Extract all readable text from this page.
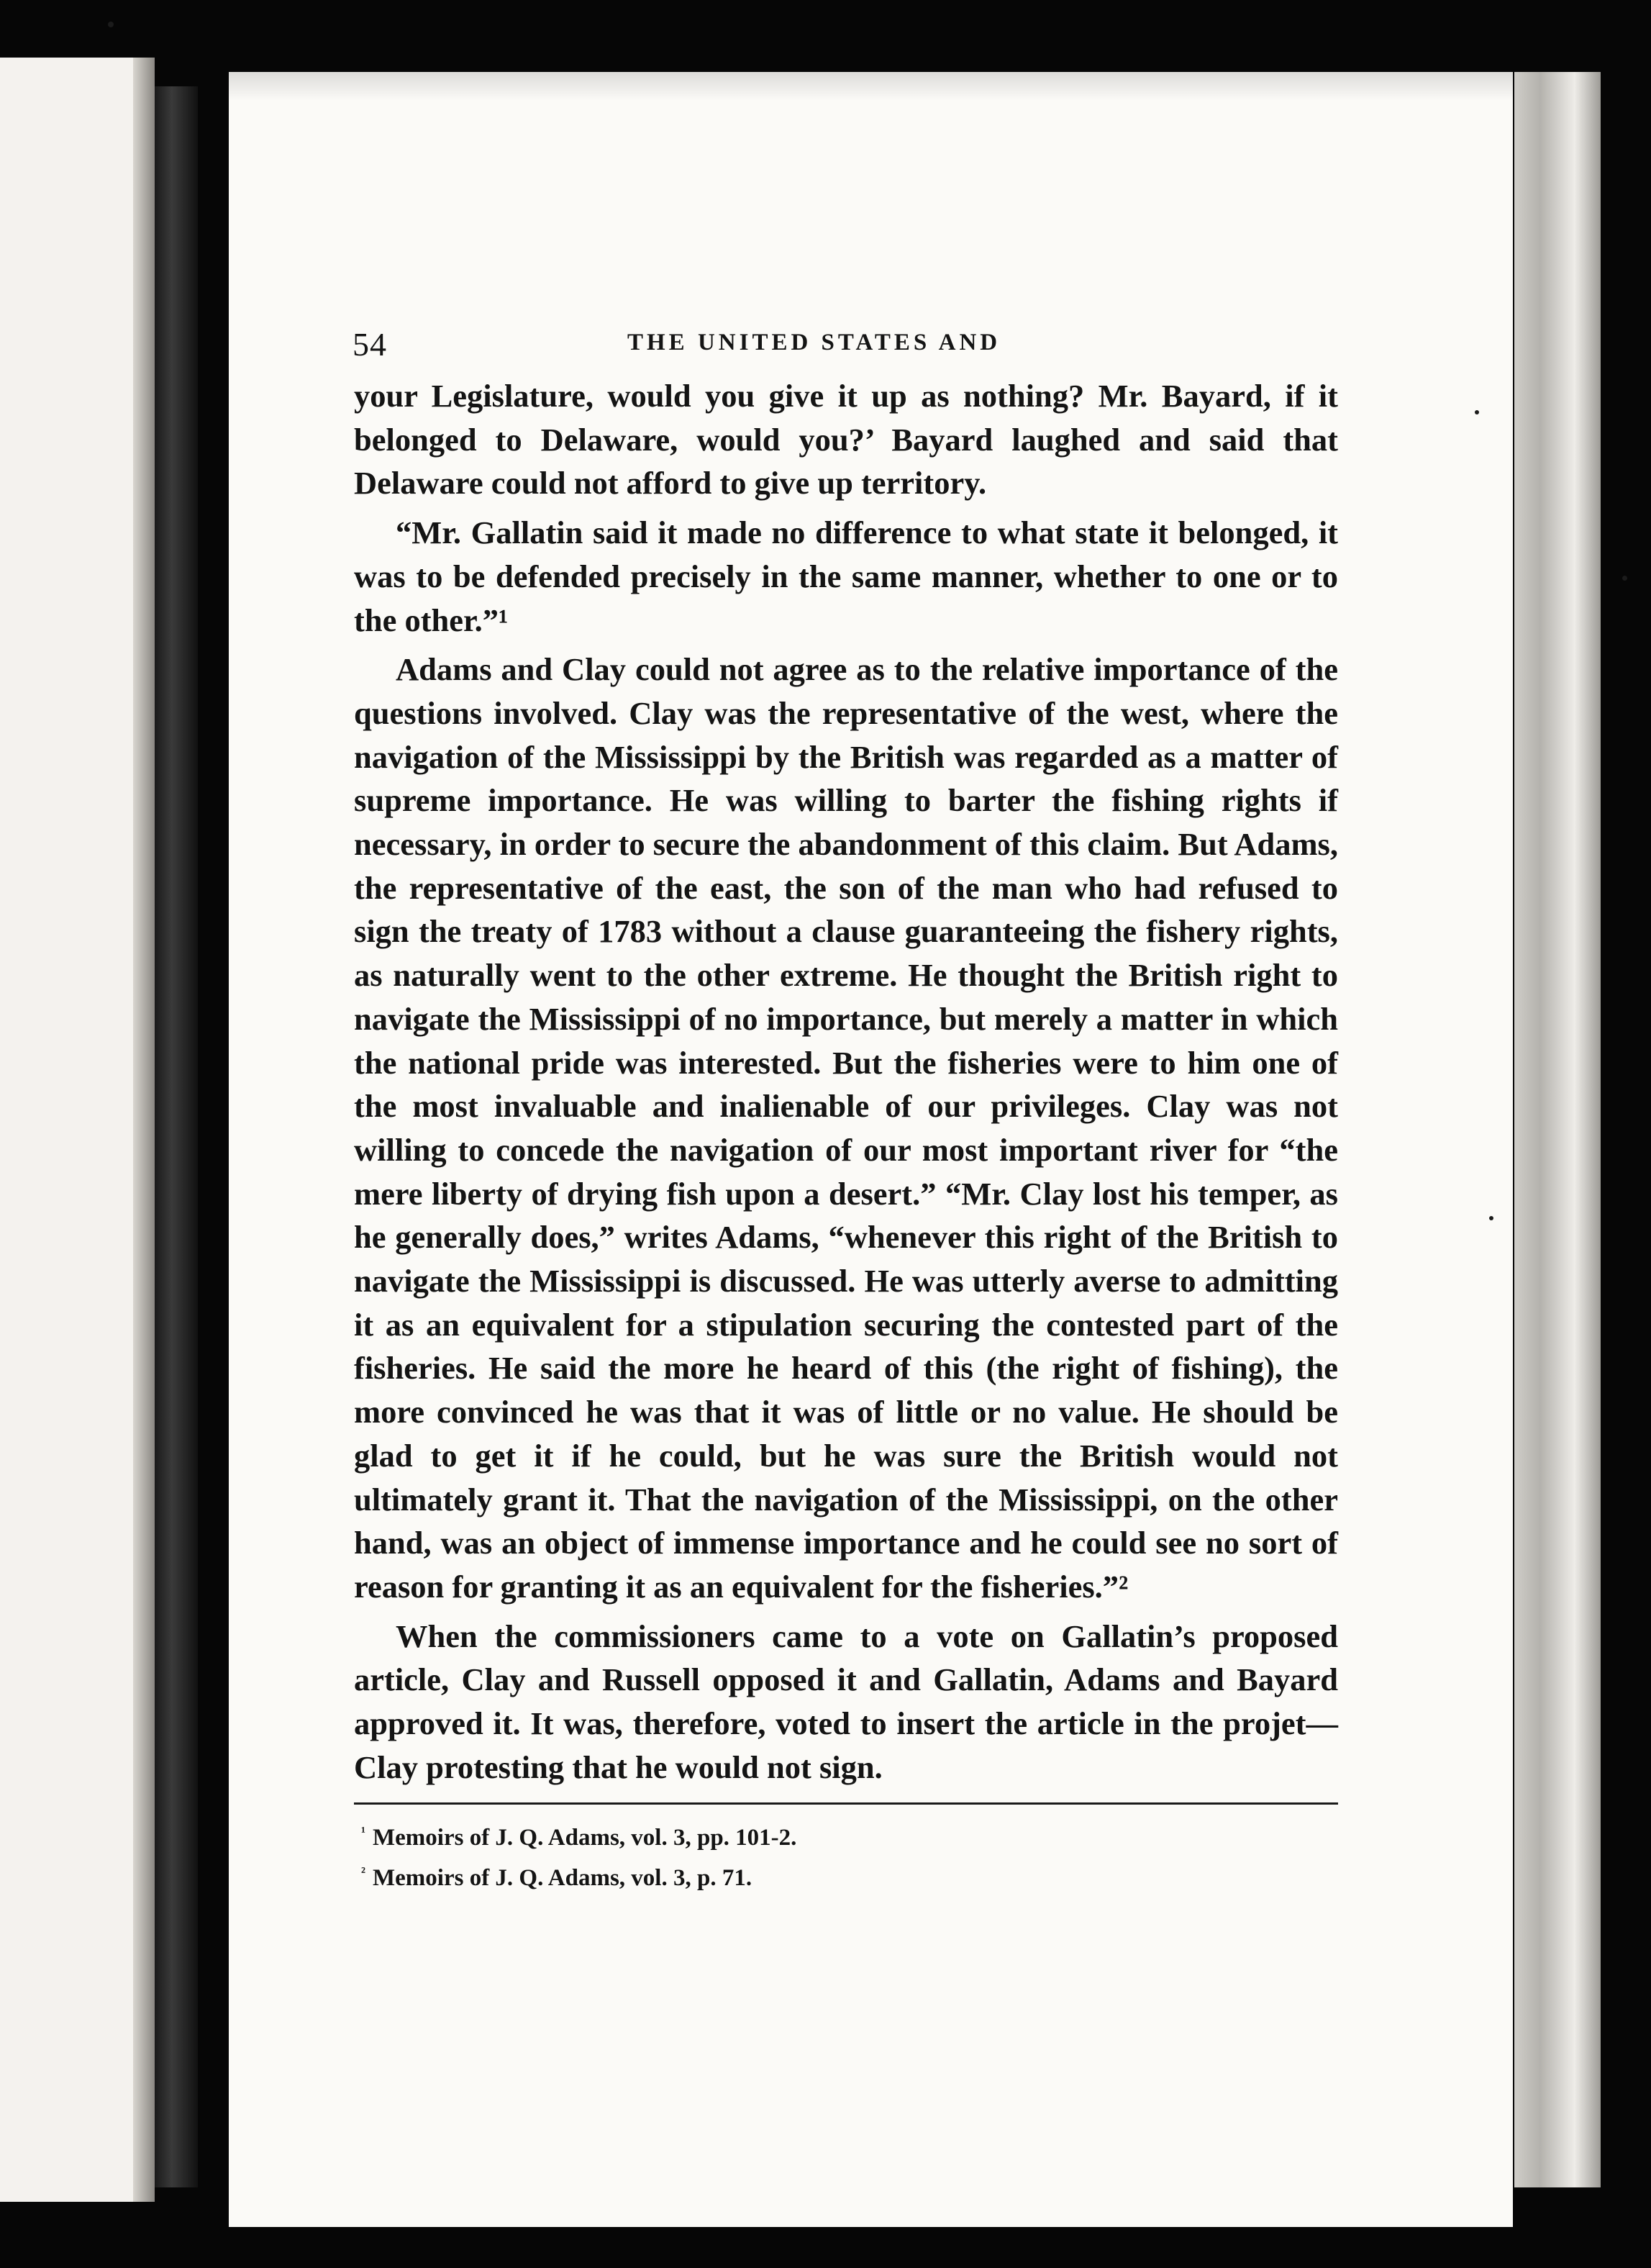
54	THE UNITED STATES AND

your Legislature, would you give it up as nothing? Mr. Bayard, if it belonged to Delaware, would you?’ Bayard laughed and said that Delaware could not afford to give up territory.

“Mr. Gallatin said it made no difference to what state it belonged, it was to be defended precisely in the same manner, whether to one or to the other.”¹

Adams and Clay could not agree as to the relative importance of the questions involved. Clay was the representative of the west, where the navigation of the Mississippi by the British was regarded as a matter of supreme importance. He was willing to barter the fishing rights if necessary, in order to secure the abandonment of this claim. But Adams, the representative of the east, the son of the man who had refused to sign the treaty of 1783 without a clause guaranteeing the fishery rights, as naturally went to the other extreme. He thought the British right to navigate the Mississippi of no importance, but merely a matter in which the national pride was interested. But the fisheries were to him one of the most invaluable and inalienable of our privileges. Clay was not willing to concede the navigation of our most important river for “the mere liberty of drying fish upon a desert.” “Mr. Clay lost his temper, as he generally does,” writes Adams, “whenever this right of the British to navigate the Mississippi is discussed. He was utterly averse to admitting it as an equivalent for a stipulation securing the contested part of the fisheries. He said the more he heard of this (the right of fishing), the more convinced he was that it was of little or no value. He should be glad to get it if he could, but he was sure the British would not ultimately grant it. That the navigation of the Mississippi, on the other hand, was an object of immense importance and he could see no sort of reason for granting it as an equivalent for the fisheries.”²

When the commissioners came to a vote on Gallatin’s proposed article, Clay and Russell opposed it and Gallatin, Adams and Bayard approved it. It was, therefore, voted to insert the article in the projet—Clay protesting that he would not sign.

$^{^1}$ Memoirs of J. Q. Adams, vol. 3, pp. 101-2.
$^{^2}$ Memoirs of J. Q. Adams, vol. 3, p. 71.
